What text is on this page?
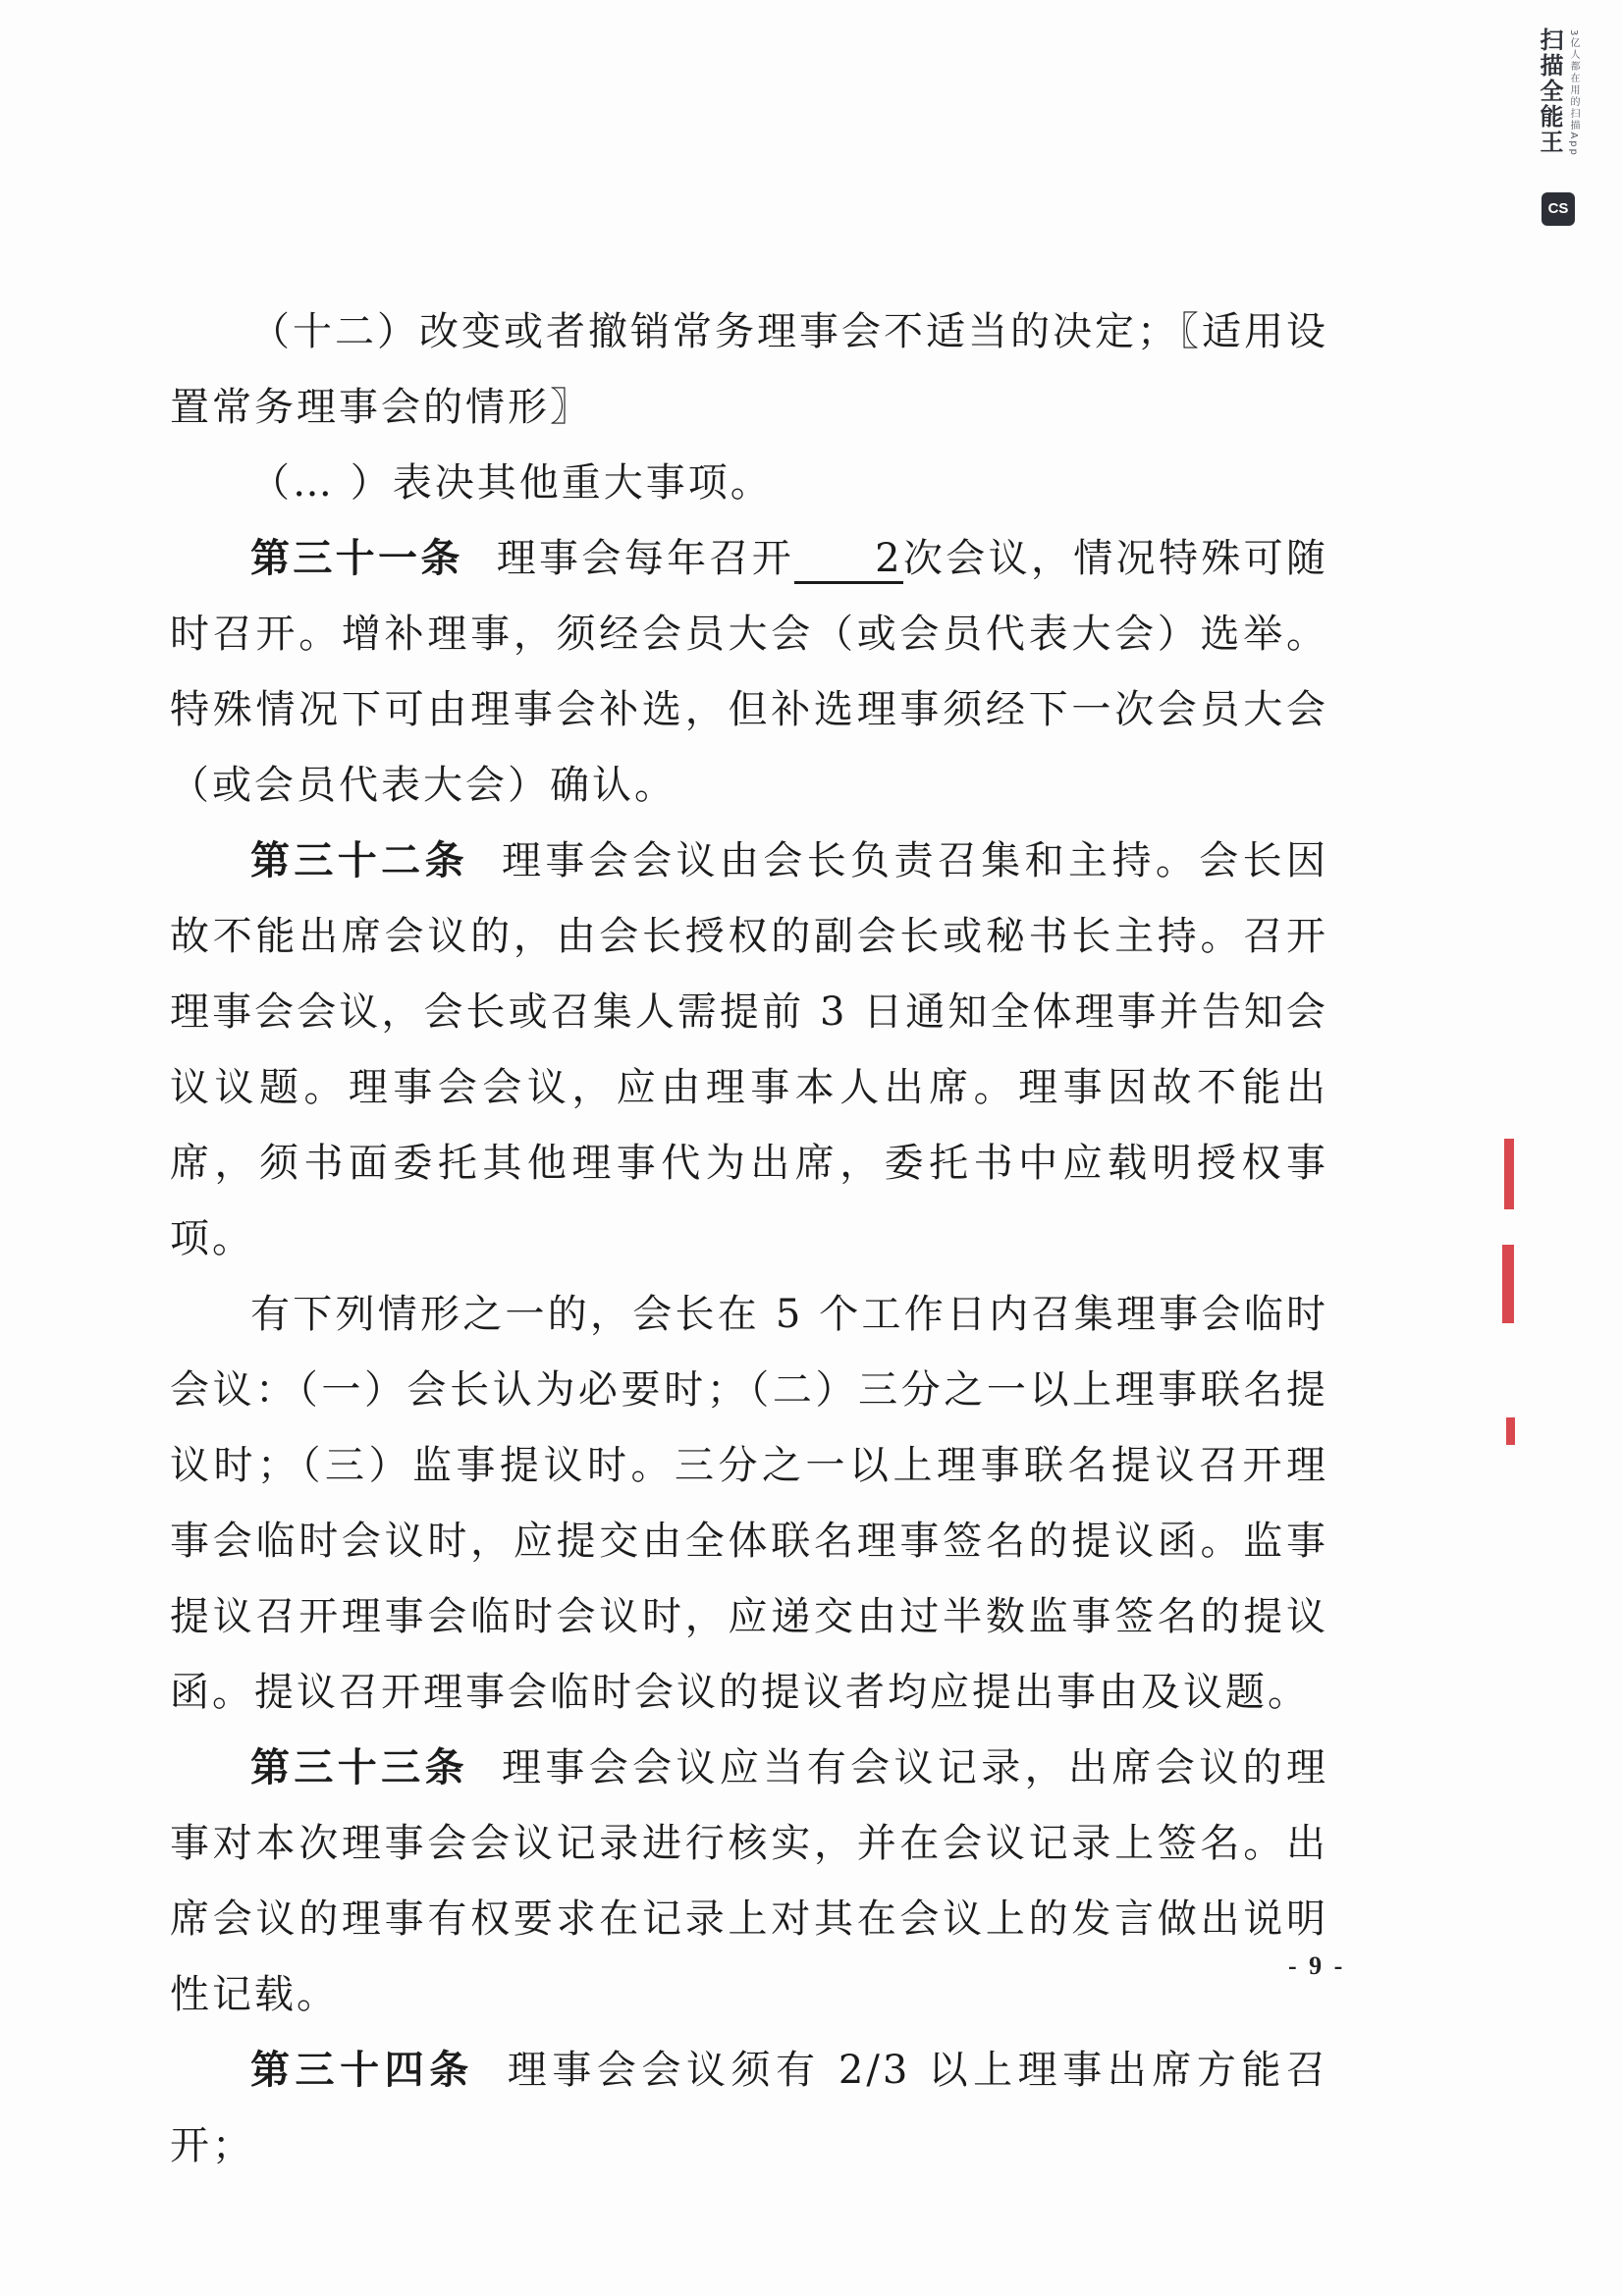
扫描全能王 3亿人都在用的扫描App
CS

（十二）改变或者撤销常务理事会不适当的决定；〖适用设置常务理事会的情形〗

（… ）表决其他重大事项。

第三十一条 理事会每年召开 2次会议，情况特殊可随时召开。增补理事，须经会员大会（或会员代表大会）选举。特殊情况下可由理事会补选，但补选理事须经下一次会员大会（或会员代表大会）确认。

第三十二条 理事会会议由会长负责召集和主持。会长因故不能出席会议的，由会长授权的副会长或秘书长主持。召开理事会会议，会长或召集人需提前 3 日通知全体理事并告知会议议题。理事会会议，应由理事本人出席。理事因故不能出席，须书面委托其他理事代为出席，委托书中应载明授权事项。

有下列情形之一的，会长在 5 个工作日内召集理事会临时会议：（一）会长认为必要时；（二）三分之一以上理事联名提议时；（三）监事提议时。三分之一以上理事联名提议召开理事会临时会议时，应提交由全体联名理事签名的提议函。监事提议召开理事会临时会议时，应递交由过半数监事签名的提议函。提议召开理事会临时会议的提议者均应提出事由及议题。

第三十三条 理事会会议应当有会议记录，出席会议的理事对本次理事会会议记录进行核实，并在会议记录上签名。出席会议的理事有权要求在记录上对其在会议上的发言做出说明性记载。

第三十四条 理事会会议须有 2/3 以上理事出席方能召开；

- 9 -
